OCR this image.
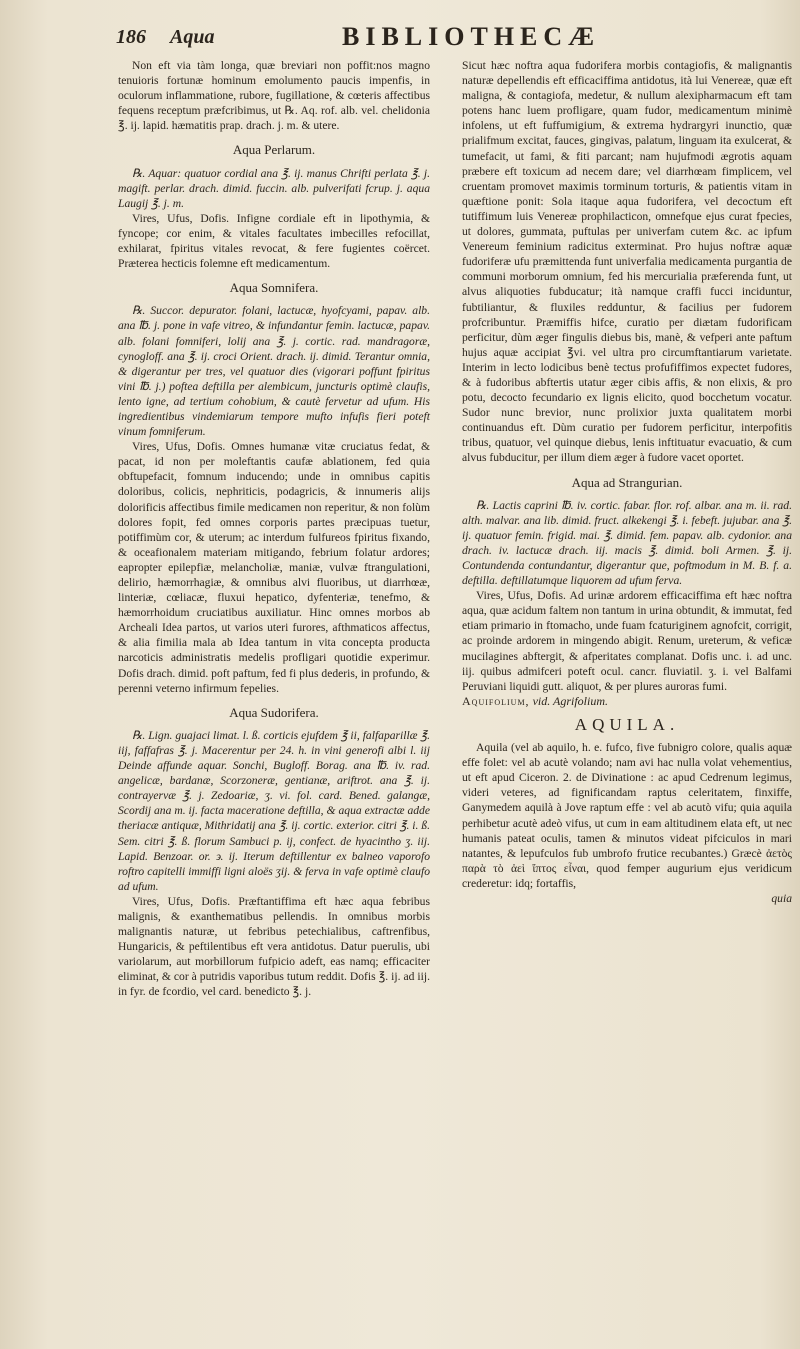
186 Aqua	BIBLIOTHECÆ

Non eft via tàm longa, quæ breviari non poffit:nos magno tenuioris fortunæ hominum emolumento paucis impenfis, in oculorum inflammatione, rubore, fugillatione, & cœteris affectibus fequens receptum præfcribimus, ut ℞. Aq. rof. alb. vel. chelidonia ℥. ij. lapid. hæmatitis prap. drach. j. m. & utere.

Aqua Perlarum.

℞. Aquar: quatuor cordial ana ℥. ij. manus Chrifti perlata ℥. j. magift. perlar. drach. dimid. fuccin. alb. pulverifati fcrup. j. aqua Laugij ℥. j. m.

Vires, Ufus, Dofis. Infigne cordiale eft in lipothymia, & fyncope; cor enim, & vitales facultates imbecilles refocillat, exhilarat, fpiritus vitales revocat, & fere fugientes coërcet. Præterea hecticis folemne eft medicamentum.

Aqua Somnifera.

℞. Succor. depurator. folani, lactucæ, hyofcyami, papav. alb. ana ℔. j. pone in vafe vitreo, & infundantur femin. lactucæ, papav. alb. folani fomniferi, lolij ana ℥. j. cortic. rad. mandragoræ, cynogloff. ana ℥. ij. croci Orient. drach. ij. dimid. Terantur omnia, & digerantur per tres, vel quatuor dies (vigorari poffunt fpiritus vini ℔. j.) poftea deftilla per alembicum, juncturis optimè claufis, lento igne, ad tertium cohobium, & cautè fervetur ad ufum. His ingredientibus vindemiarum tempore mufto infufis fieri poteft vinum fomniferum.

Vires, Ufus, Dofis. Omnes humanæ vitæ cruciatus fedat, & pacat, id non per moleftantis caufæ ablationem, fed quia obftupefacit, fomnum inducendo; unde in omnibus capitis doloribus, colicis, nephriticis, podagricis, & innumeris alijs dolorificis affectibus fimile medicamen non reperitur, & non folùm dolores fopit, fed omnes corporis partes præcipuas tuetur, potiffimùm cor, & uterum; ac interdum fulfureos fpiritus fixando, & oceafionalem materiam mitigando, febrium folatur ardores; eapropter epilepfiæ, melancholiæ, maniæ, vulvæ ftrangulationi, delirio, hæmorrhagiæ, & omnibus alvi fluoribus, ut diarrhœæ, linteriæ, cœliacæ, fluxui hepatico, dyfenteriæ, tenefmo, & hæmorrhoidum cruciatibus auxiliatur. Hinc omnes morbos ab Archeali Idea partos, ut varios uteri furores, afthmaticos affectus, & alia fimilia mala ab Idea tantum in vita concepta producta narcoticis administratis medelis profligari quotidie experimur. Dofis drach. dimid. poft paftum, fed fi plus dederis, in profundo, & perenni veterno infirmum fepelies.

Aqua Sudorifera.

℞. Lign. guajaci limat. l. ß. corticis ejufdem ℥ ii, falfaparillæ ℥. iij, faffafras ℥. j. Macerentur per 24. h. in vini generofi albi l. iij Deinde affunde aquar. Sonchi, Bugloff. Borag. ana ℔. iv. rad. angelicæ, bardanæ, Scorzoneræ, gentianæ, ariftrot. ana ℥. ij. contrayervæ ℥. j. Zedoariæ, ʒ. vi. fol. card. Bened. galangæ, Scordij ana m. ij. facta maceratione deftilla, & aqua extractæ adde theriacæ antiquæ, Mithridatij ana ℥. ij. cortic. exterior. citri ℥. i. ß. Sem. citri ℥. ß. florum Sambuci p. ij, confect. de hyacintho ʒ. iij. Lapid. Benzoar. or. ϶. ij. Iterum deftillentur ex balneo vaporofo roftro capitelli immiffi ligni aloës ʒij. & ferva in vafe optimè claufo ad ufum.

Vires, Ufus, Dofis. Præftantiffima eft hæc aqua febribus malignis, & exanthematibus pellendis. In omnibus morbis malignantis naturæ, ut febribus petechialibus, caftrenfibus, Hungaricis, & peftilentibus eft vera antidotus. Datur puerulis, ubi variolarum, aut morbillorum fufpicio adeft, eas namq; efficaciter eliminat, & cor à putridis vaporibus tutum reddit. Dofis ℥. ij. ad iij. in fyr. de fcordio, vel card. benedicto ℥. j.

Sicut hæc noftra aqua fudorifera morbis contagiofis, & malignantis naturæ depellendis eft efficaciffima antidotus, ità lui Venereæ, quæ eft maligna, & contagiofa, medetur, & nullum alexipharmacum eft tam potens hanc luem profligare, quam fudor, medicamentum minimè infolens, ut eft fuffumigium, & extrema hydrargyri inunctio, quæ prialifmum excitat, fauces, gingivas, palatum, linguam ita exulcerat, & tumefacit, ut fami, & fiti parcant; nam hujufmodi ægrotis aquam præbere eft toxicum ad necem dare; vel diarrhœam fimplicem, vel cruentam promovet maximis torminum torturis, & patientis vitam in quæftione ponit: Sola itaque aqua fudorifera, vel decoctum eft tutiffimum luis Venereæ prophilacticon, omnefque ejus curat fpecies, ut dolores, gummata, puftulas per univerfam cutem &c. ac ipfum Venereum feminium radicitus exterminat. Pro hujus noftræ aquæ fudoriferæ ufu præmittenda funt univerfalia medicamenta purgantia de communi morborum omnium, fed his mercurialia præferenda funt, ut alvus aliquoties fubducatur; ità namque craffi fucci inciduntur, fubtiliantur, & fluxiles redduntur, & facilius per fudorem profcribuntur. Præmiffis hifce, curatio per diætam fudorificam perficitur, dùm æger fingulis diebus bis, manè, & vefperi ante paftum hujus aquæ accipiat ℥vi. vel ultra pro circumftantiarum varietate. Interim in lecto lodicibus benè tectus profufiffimos expectet fudores, & à fudoribus abftertis utatur æger cibis affis, & non elixis, & pro potu, decocto fecundario ex lignis elicito, quod bocchetum vocatur. Sudor nunc brevior, nunc prolixior juxta qualitatem morbi continuandus eft. Dùm curatio per fudorem perficitur, interpofitis tribus, quatuor, vel quinque diebus, lenis inftituatur evacuatio, & cum alvus fubducitur, per illum diem æger à fudore vacet oportet.

Aqua ad Strangurian.

℞. Lactis caprini ℔. iv. cortic. fabar. flor. rof. albar. ana m. ii. rad. alth. malvar. ana lib. dimid. fruct. alkekengi ℥. i. febeft. jujubar. ana ℥. ij. quatuor femin. frigid. mai. ℥. dimid. fem. papav. alb. cydonior. ana drach. iv. lactucæ drach. iij. macis ℥. dimid. boli Armen. ℥. ij. Contundenda contundantur, digerantur que, poftmodum in M. B. f. a. deftilla. deftillatumque liquorem ad ufum ferva.

Vires, Ufus, Dofis. Ad urinæ ardorem efficaciffima eft hæc noftra aqua, quæ acidum faltem non tantum in urina obtundit, & immutat, fed etiam primario in ftomacho, unde fuam fcaturiginem agnofcit, corrigit, ac proinde ardorem in mingendo abigit. Renum, ureterum, & veficæ mucilagines abftergit, & afperitates complanat. Dofis unc. i. ad unc. iij. quibus admifceri poteft ocul. cancr. fluviatil. ʒ. i. vel Balfami Peruviani liquidi gutt. aliquot, & per plures auroras fumi.

Aquifolium, vid. Agrifolium.

AQUILA.

Aquila (vel ab aquilo, h. e. fufco, five fubnigro colore, qualis aquæ effe folet: vel ab acutè volando; nam avi hac nulla volat vehementius, ut eft apud Ciceron. 2. de Divinatione : ac apud Cedrenum legimus, videri veteres, ad fignificandam raptus celeritatem, finxiffe, Ganymedem aquilà à Jove raptum effe : vel ab acutò vifu; quia aquila perhibetur acutè adeò vifus, ut cum in eam altitudinem elata eft, ut nec humanis pateat oculis, tamen & minutos videat pifciculos in mari natantes, & lepufculos fub umbrofo frutice recubantes.) Græcè ἀετὸς παρὰ τὸ ἀεὶ ἴπτος εἶναι, quod femper augurium ejus veridicum crederetur: idq; fortaffis,

quia
